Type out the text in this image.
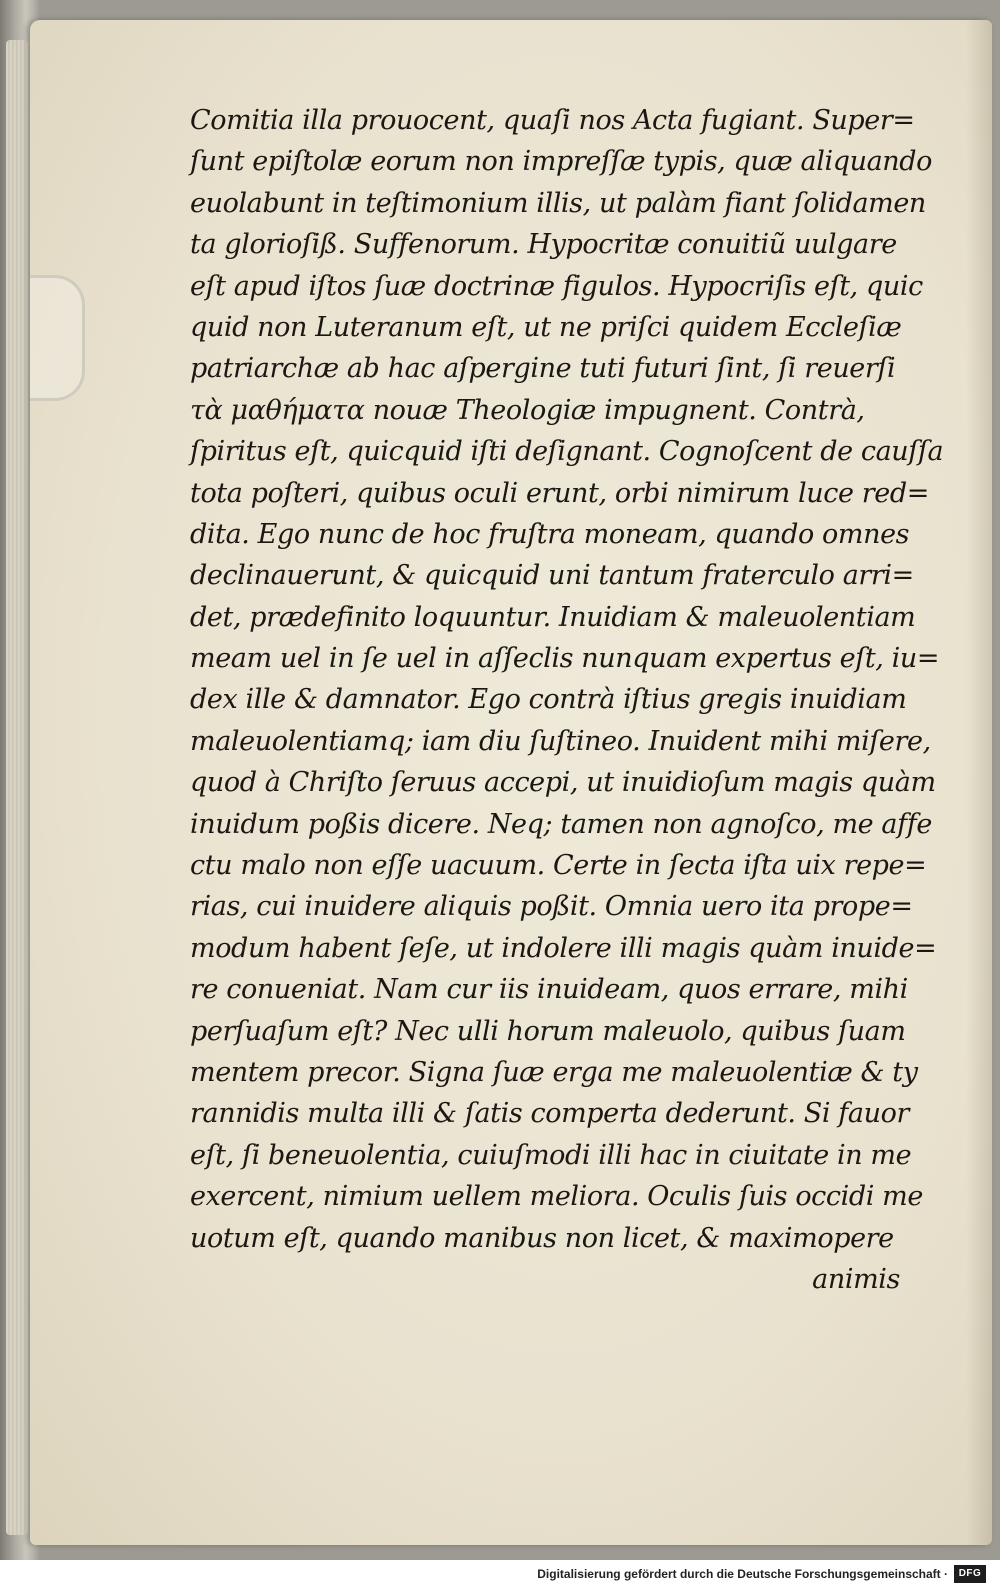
Comitia illa prouocent, quaſi nos Acta fugiant. Super=
ſunt epiſtolæ eorum non impreſſæ typis, quæ aliquando
euolabunt in teſtimonium illis, ut palàm fiant ſolidamen
ta glorioſiß. Suffenorum. Hypocritæ conuitiũ uulgare
eſt apud iſtos ſuæ doctrinæ figulos. Hypocriſis eſt, quic
quid non Luteranum eſt, ut ne priſci quidem Eccleſiæ
patriarchæ ab hac aſpergine tuti futuri ſint, ſi reuerſi
τὰ μαθήματα nouæ Theologiæ impugnent. Contrà,
ſpiritus eſt, quicquid iſti deſignant. Cognoſcent de cauſſa
tota poſteri, quibus oculi erunt, orbi nimirum luce red=
dita. Ego nunc de hoc fruſtra moneam, quando omnes
declinauerunt, & quicquid uni tantum fraterculo arri=
det, prædefinito loquuntur. Inuidiam & maleuolentiam
meam uel in ſe uel in aſſeclis nunquam expertus eſt, iu=
dex ille & damnator. Ego contrà iſtius gregis inuidiam
maleuolentiamq; iam diu ſuſtineo. Inuident mihi miſere,
quod à Chriſto ſeruus accepi, ut inuidioſum magis quàm
inuidum poßis dicere. Neq; tamen non agnoſco, me affe
ctu malo non eſſe uacuum. Certe in ſecta iſta uix repe=
rias, cui inuidere aliquis poßit. Omnia uero ita prope=
modum habent ſeſe, ut indolere illi magis quàm inuide=
re conueniat. Nam cur iis inuideam, quos errare, mihi
perſuaſum eſt? Nec ulli horum maleuolo, quibus ſuam
mentem precor. Signa ſuæ erga me maleuolentiæ & ty
rannidis multa illi & ſatis comperta dederunt. Si fauor
eſt, ſi beneuolentia, cuiuſmodi illi hac in ciuitate in me
exercent, nimium uellem meliora. Oculis ſuis occidi me
uotum eſt, quando manibus non licet, & maximopere
animis
Digitalisierung gefördert durch die Deutsche Forschungsgemeinschaft ·	DFG
